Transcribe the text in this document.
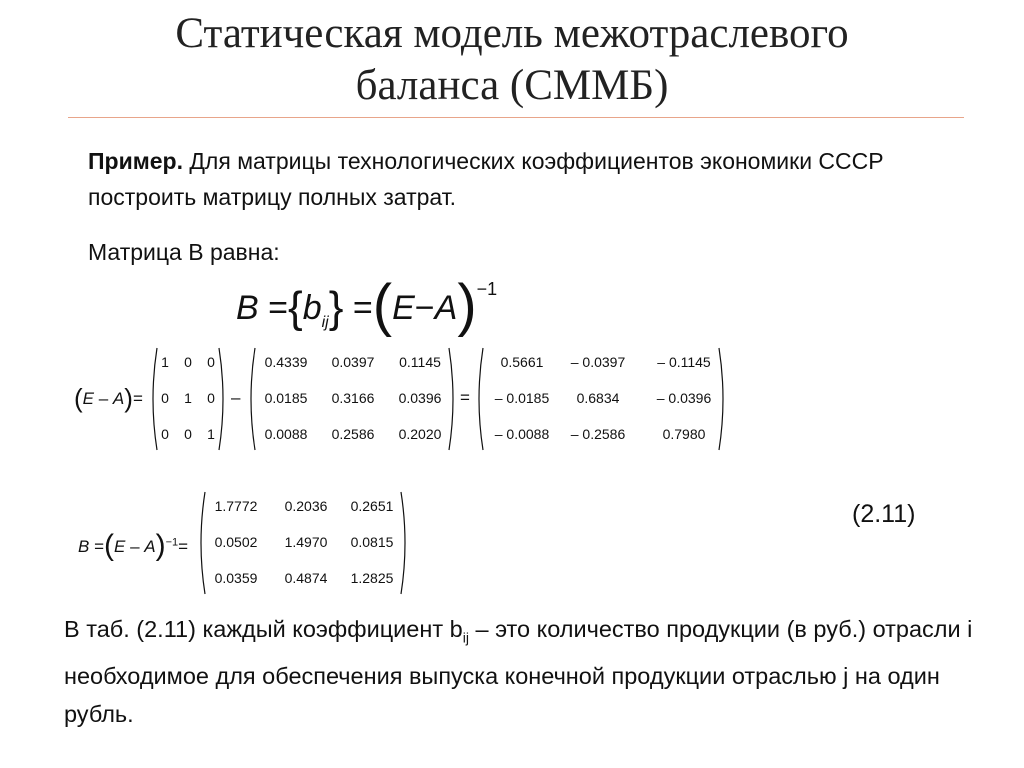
Статическая модель межотраслевого
баланса (СММБ)
Пример. Для матрицы технологических коэффициентов экономики СССР построить матрицу полных затрат.
Матрица В равна:
$B =\{b_{ij}\} =(E-A)^{-1}$
(E – A)=
1	0	0
0	1	0
0	0	1
–
0.4339	0.0397	0.1145
0.0185	0.3166	0.0396
0.0088	0.2586	0.2020
=
0.5661	– 0.0397	– 0.1145
– 0.0185	0.6834	– 0.0396
– 0.0088	– 0.2586	0.7980
B =(E – A)$^{-1}$=
1.7772	0.2036	0.2651
0.0502	1.4970	0.0815
0.0359	0.4874	1.2825
(2.11)
В таб. (2.11) каждый коэффициент $b_{ij}$ – это количество продукции (в руб.) отрасли i необходимое для обеспечения выпуска конечной продукции отраслью j на один рубль.
